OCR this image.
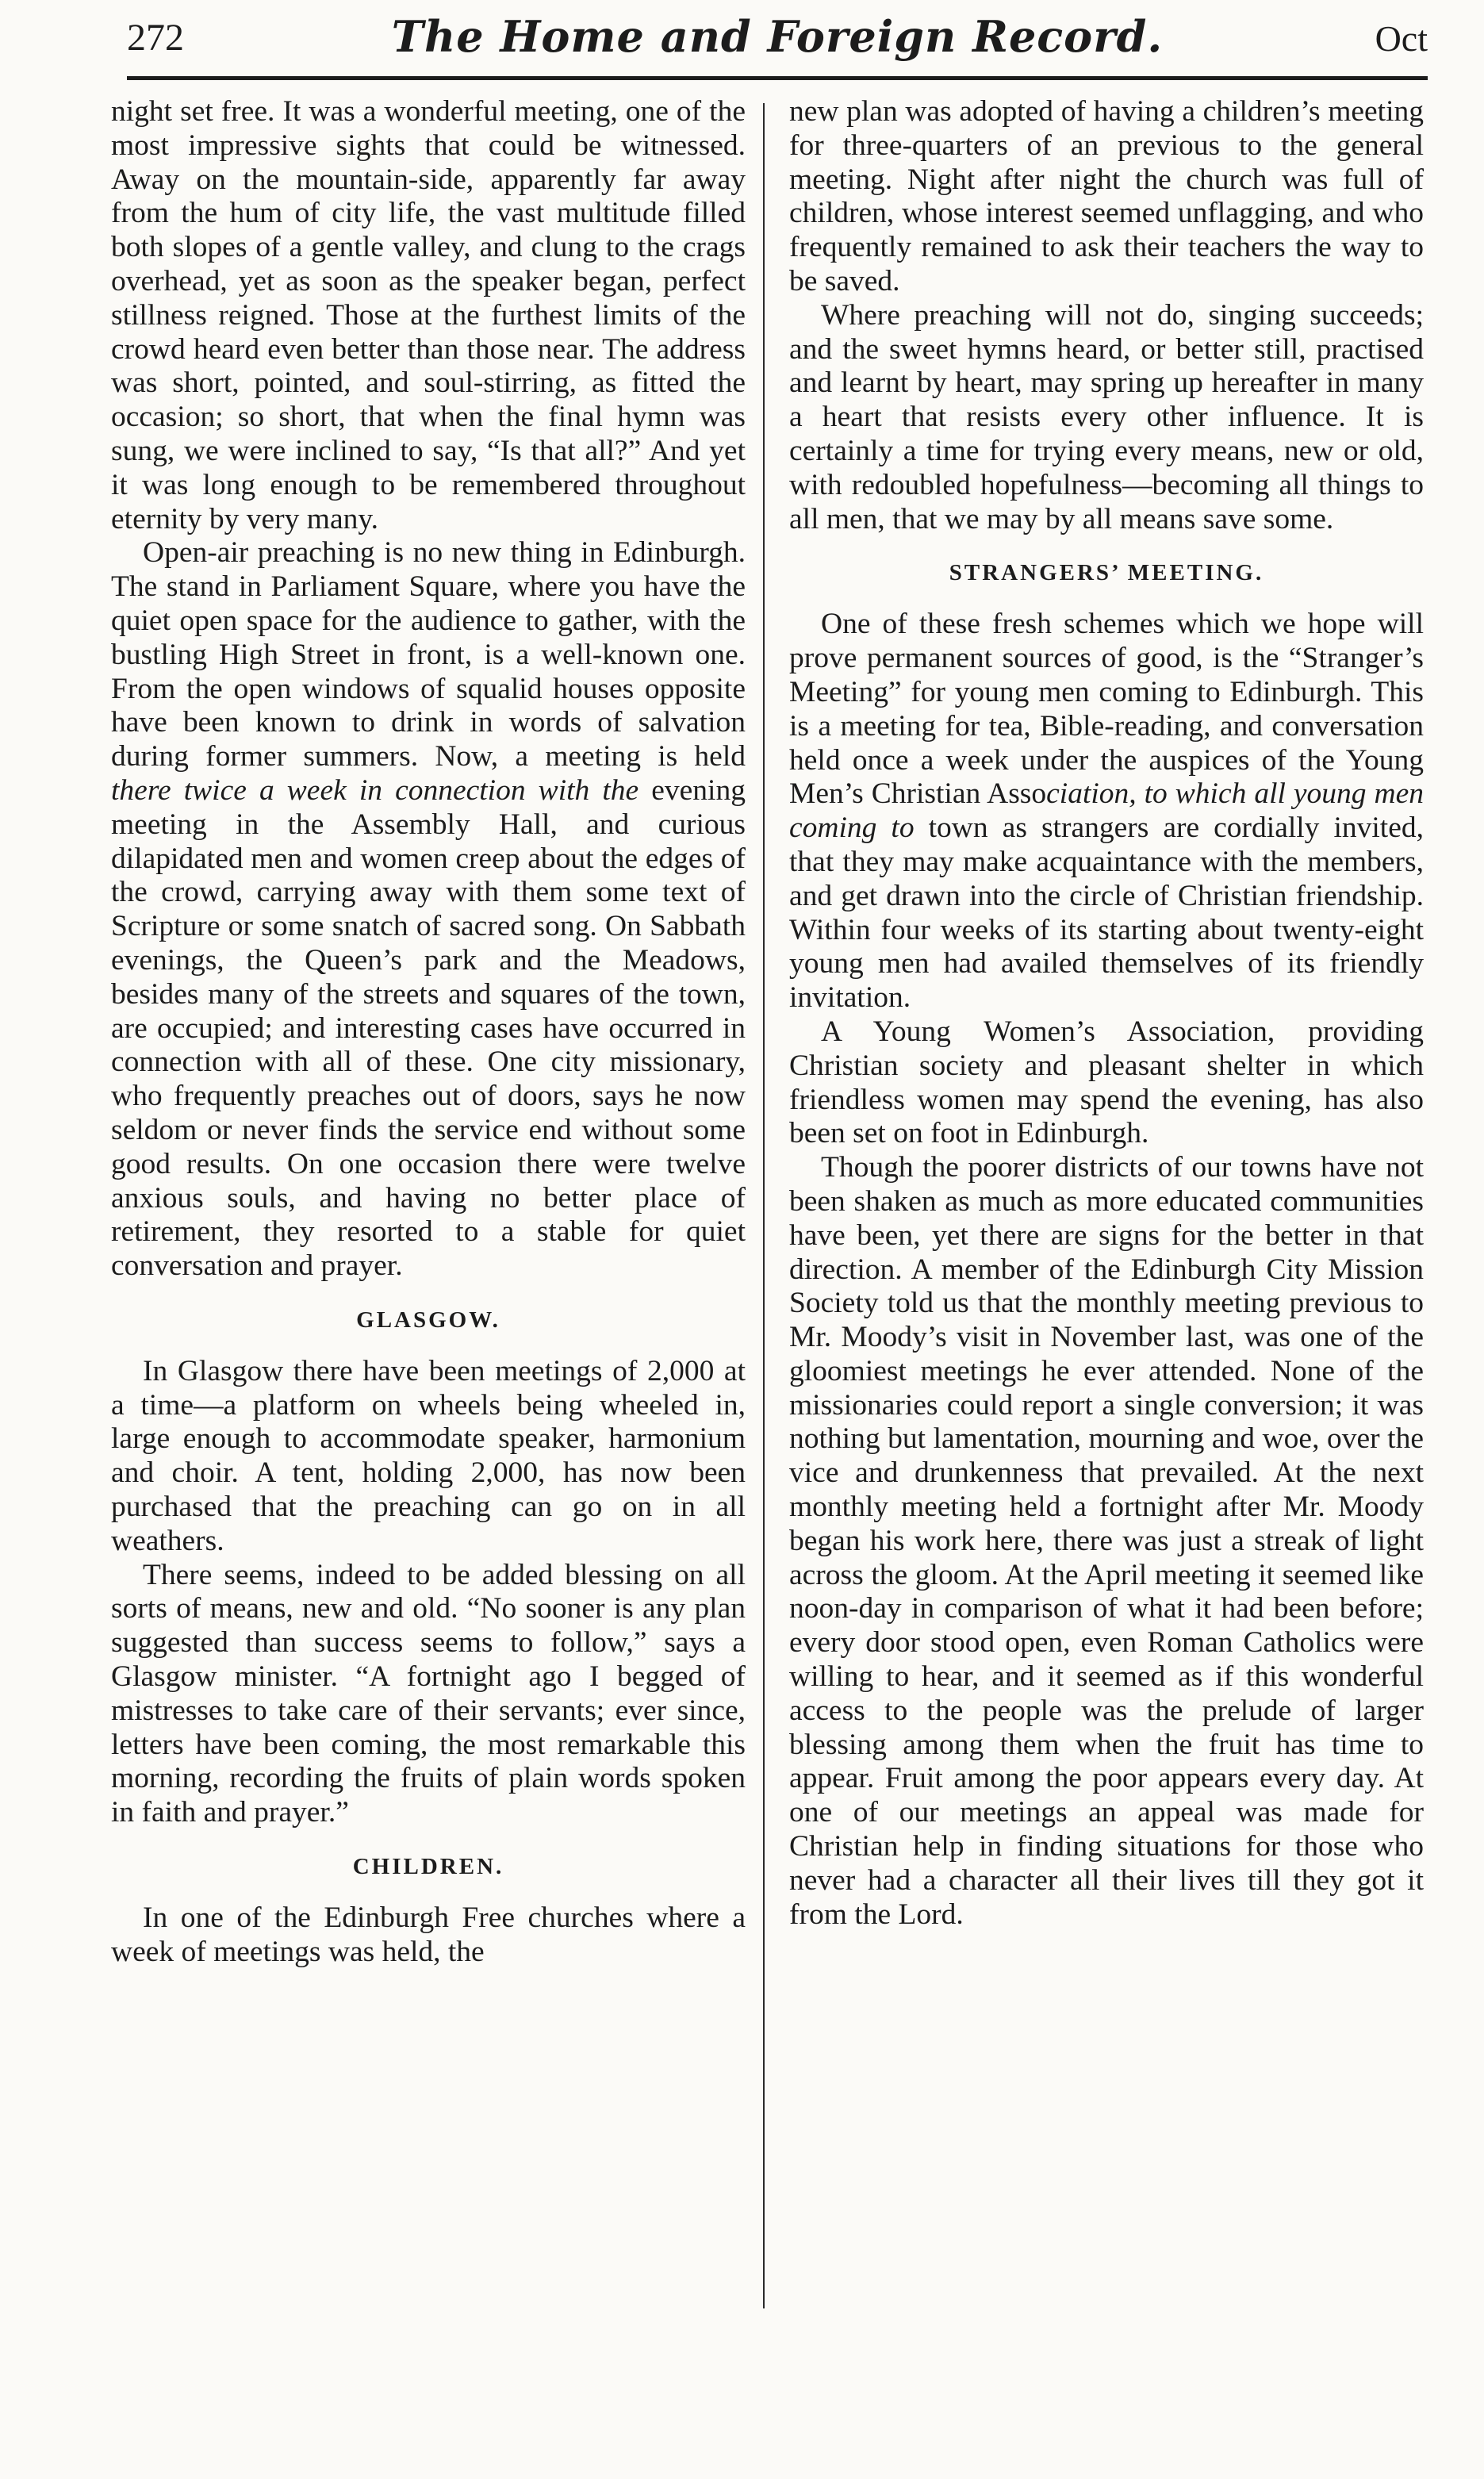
272	The Home and Foreign Record.	Oct

night set free. It was a wonderful meeting, one of the most impressive sights that could be witnessed. Away on the mountain-side, apparently far away from the hum of city life, the vast multitude filled both slopes of a gentle valley, and clung to the crags overhead, yet as soon as the speaker began, perfect stillness reigned. Those at the furthest limits of the crowd heard even better than those near. The address was short, pointed, and soul-stirring, as fitted the occasion; so short, that when the final hymn was sung, we were inclined to say, “Is that all?” And yet it was long enough to be remembered throughout eternity by very many.

Open-air preaching is no new thing in Edinburgh. The stand in Parliament Square, where you have the quiet open space for the audience to gather, with the bustling High Street in front, is a well-known one. From the open windows of squalid houses opposite have been known to drink in words of salvation during former summers. Now, a meeting is held there twice a week in connection with the evening meeting in the Assembly Hall, and curious dilapidated men and women creep about the edges of the crowd, carrying away with them some text of Scripture or some snatch of sacred song. On Sabbath evenings, the Queen’s park and the Meadows, besides many of the streets and squares of the town, are occupied; and interesting cases have occurred in connection with all of these. One city missionary, who frequently preaches out of doors, says he now seldom or never finds the service end without some good results. On one occasion there were twelve anxious souls, and having no better place of retirement, they resorted to a stable for quiet conversation and prayer.

GLASGOW.

In Glasgow there have been meetings of 2,000 at a time—a platform on wheels being wheeled in, large enough to accommodate speaker, harmonium and choir. A tent, holding 2,000, has now been purchased that the preaching can go on in all weathers.

There seems, indeed to be added blessing on all sorts of means, new and old. “No sooner is any plan suggested than success seems to follow,” says a Glasgow minister. “A fortnight ago I begged of mistresses to take care of their servants; ever since, letters have been coming, the most remarkable this morning, recording the fruits of plain words spoken in faith and prayer.”

CHILDREN.

In one of the Edinburgh Free churches where a week of meetings was held, the

new plan was adopted of having a children’s meeting for three-quarters of an previous to the general meeting. Night after night the church was full of children, whose interest seemed unflagging, and who frequently remained to ask their teachers the way to be saved.

Where preaching will not do, singing succeeds; and the sweet hymns heard, or better still, practised and learnt by heart, may spring up hereafter in many a heart that resists every other influence. It is certainly a time for trying every means, new or old, with redoubled hopefulness—becoming all things to all men, that we may by all means save some.

STRANGERS’ MEETING.

One of these fresh schemes which we hope will prove permanent sources of good, is the “Stranger’s Meeting” for young men coming to Edinburgh. This is a meeting for tea, Bible-reading, and conversation held once a week under the auspices of the Young Men’s Christian Association, to which all young men coming to town as strangers are cordially invited, that they may make acquaintance with the members, and get drawn into the circle of Christian friendship. Within four weeks of its starting about twenty-eight young men had availed themselves of its friendly invitation.

A Young Women’s Association, providing Christian society and pleasant shelter in which friendless women may spend the evening, has also been set on foot in Edinburgh.

Though the poorer districts of our towns have not been shaken as much as more educated communities have been, yet there are signs for the better in that direction. A member of the Edinburgh City Mission Society told us that the monthly meeting previous to Mr. Moody’s visit in November last, was one of the gloomiest meetings he ever attended. None of the missionaries could report a single conversion; it was nothing but lamentation, mourning and woe, over the vice and drunkenness that prevailed. At the next monthly meeting held a fortnight after Mr. Moody began his work here, there was just a streak of light across the gloom. At the April meeting it seemed like noon-day in comparison of what it had been before; every door stood open, even Roman Catholics were willing to hear, and it seemed as if this wonderful access to the people was the prelude of larger blessing among them when the fruit has time to appear. Fruit among the poor appears every day. At one of our meetings an appeal was made for Christian help in finding situations for those who never had a character all their lives till they got it from the Lord.
